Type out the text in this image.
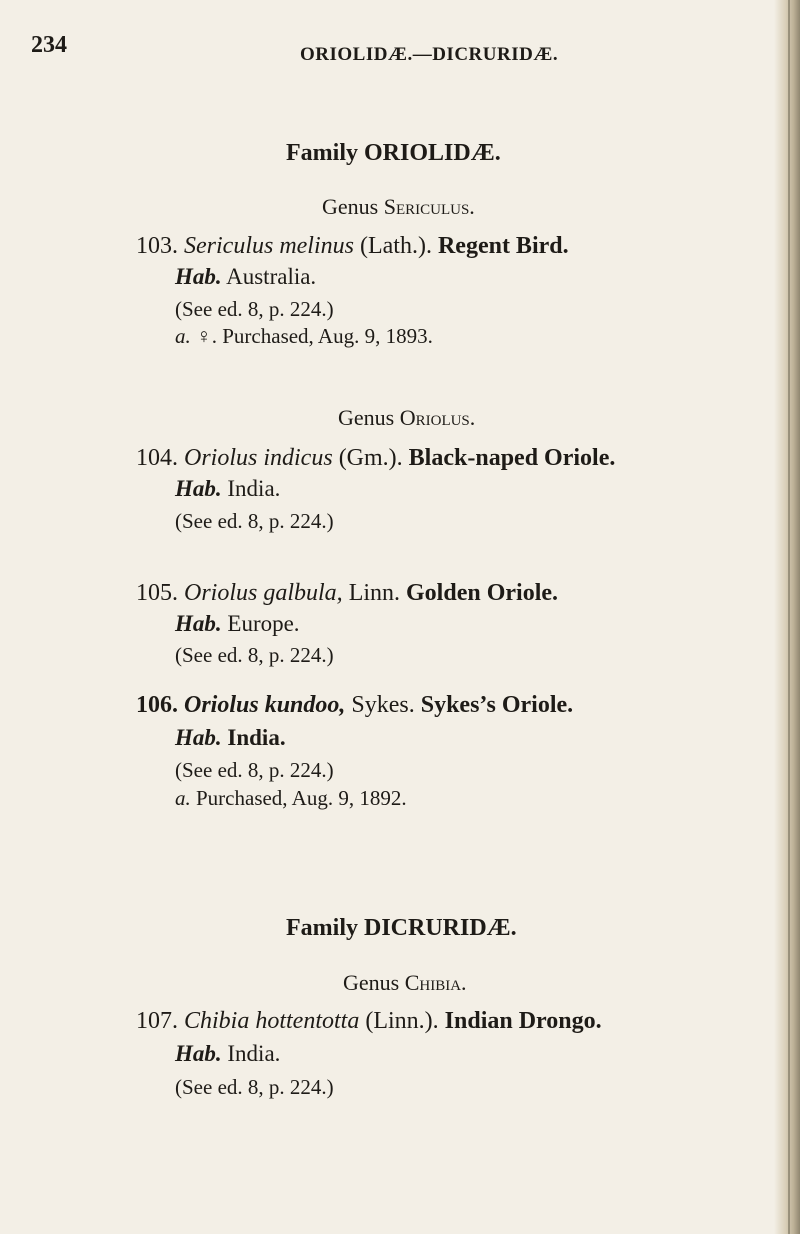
234	ORIOLIDÆ.—DICRURIDÆ.
Family ORIOLIDÆ.
Genus Sericulus.
103. Sericulus melinus (Lath.). Regent Bird.
Hab. Australia.
(See ed. 8, p. 224.)
a. ♀. Purchased, Aug. 9, 1893.
Genus Oriolus.
104. Oriolus indicus (Gm.). Black-naped Oriole.
Hab. India.
(See ed. 8, p. 224.)
105. Oriolus galbula, Linn. Golden Oriole.
Hab. Europe.
(See ed. 8, p. 224.)
106. Oriolus kundoo, Sykes. Sykes’s Oriole.
Hab. India.
(See ed. 8, p. 224.)
a. Purchased, Aug. 9, 1892.
Family DICRURIDÆ.
Genus Chibia.
107. Chibia hottentotta (Linn.). Indian Drongo.
Hab. India.
(See ed. 8, p. 224.)
